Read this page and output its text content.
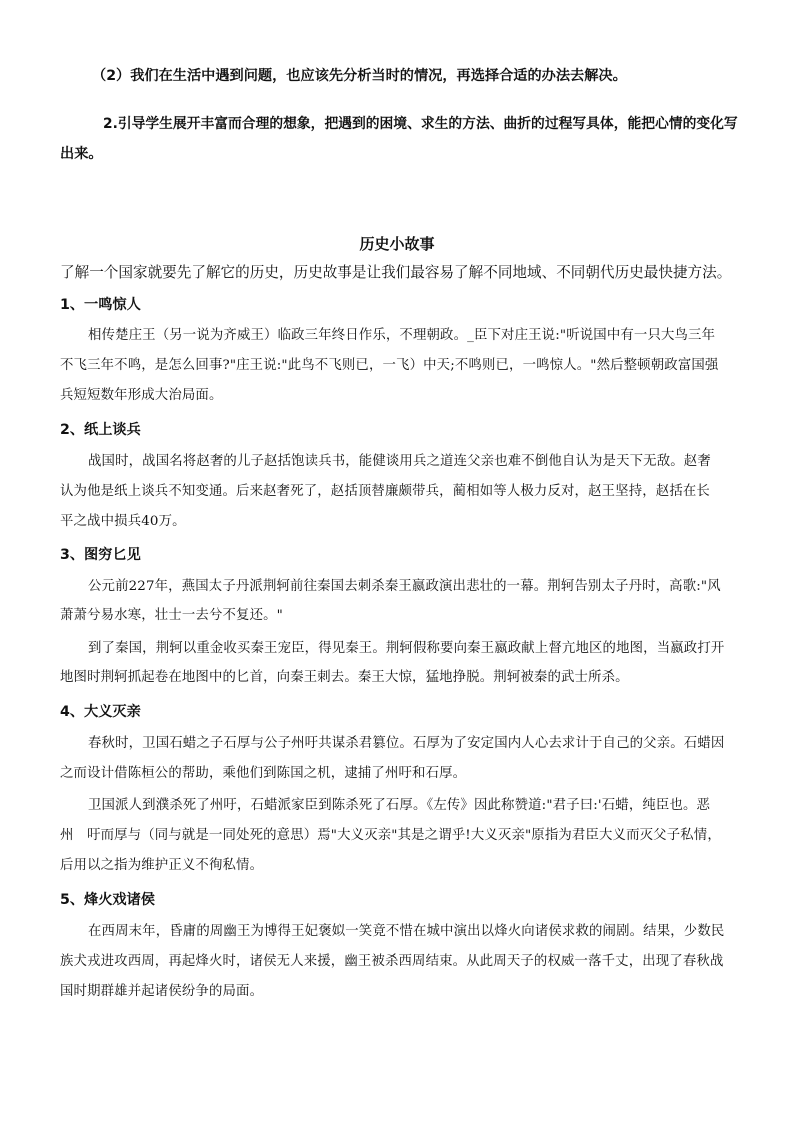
（2）我们在生活中遇到问题，也应该先分析当时的情况，再选择合适的办法去解决。
2.引导学生展开丰富而合理的想象，把遇到的困境、求生的方法、曲折的过程写具体，能把心情的变化写
出来。
历史小故事
了解一个国家就要先了解它的历史，历史故事是让我们最容易了解不同地域、不同朝代历史最快捷方法。
1、一鸣惊人
相传楚庄王（另一说为齐威王）临政三年终日作乐，不理朝政。_臣下对庄王说:"听说国中有一只大鸟三年
不飞三年不鸣，是怎么回事?"庄王说:"此鸟不飞则已，一飞）中天;不鸣则已，一鸣惊人。"然后整顿朝政富国强
兵短短数年形成大治局面。
2、纸上谈兵
战国时，战国名将赵奢的儿子赵括饱读兵书，能健谈用兵之道连父亲也难不倒他自认为是天下无敌。赵奢
认为他是纸上谈兵不知变通。后来赵奢死了，赵括顶替廉颇带兵，蔺相如等人极力反对，赵王坚持，赵括在长
平之战中损兵40万。
3、图穷匕见
公元前227年，燕国太子丹派荆轲前往秦国去刺杀秦王嬴政演出悲壮的一幕。荆轲告别太子丹时，高歌:"风
萧萧兮易水寒，壮士一去兮不复还。"
到了秦国，荆轲以重金收买秦王宠臣，得见秦王。荆轲假称要向秦王嬴政献上督亢地区的地图，当嬴政打开
地图时荆轲抓起卷在地图中的匕首，向秦王刺去。秦王大惊，猛地挣脱。荆轲被秦的武士所杀。
4、大义灭亲
春秋时，卫国石蜡之子石厚与公子州吁共谋杀君篡位。石厚为了安定国内人心去求计于自己的父亲。石蜡因
之而设计借陈桓公的帮助，乘他们到陈国之机，逮捕了州吁和石厚。
卫国派人到濮杀死了州吁，石蜡派家臣到陈杀死了石厚。《左传》因此称赞道:"君子曰:'石蜡，纯臣也。恶
州　吁而厚与（同与就是一同处死的意思）焉"大义灭亲"其是之谓乎!大义灭亲"原指为君臣大义而灭父子私情，
后用以之指为维护正义不徇私情。
5、烽火戏诸侯
在西周末年，昏庸的周幽王为博得王妃褒姒一笑竟不惜在城中演出以烽火向诸侯求救的闹剧。结果，少数民
族犬戎进攻西周，再起烽火时，诸侯无人来援，幽王被杀西周结束。从此周天子的权威一落千丈，出现了春秋战
国时期群雄并起诸侯纷争的局面。
